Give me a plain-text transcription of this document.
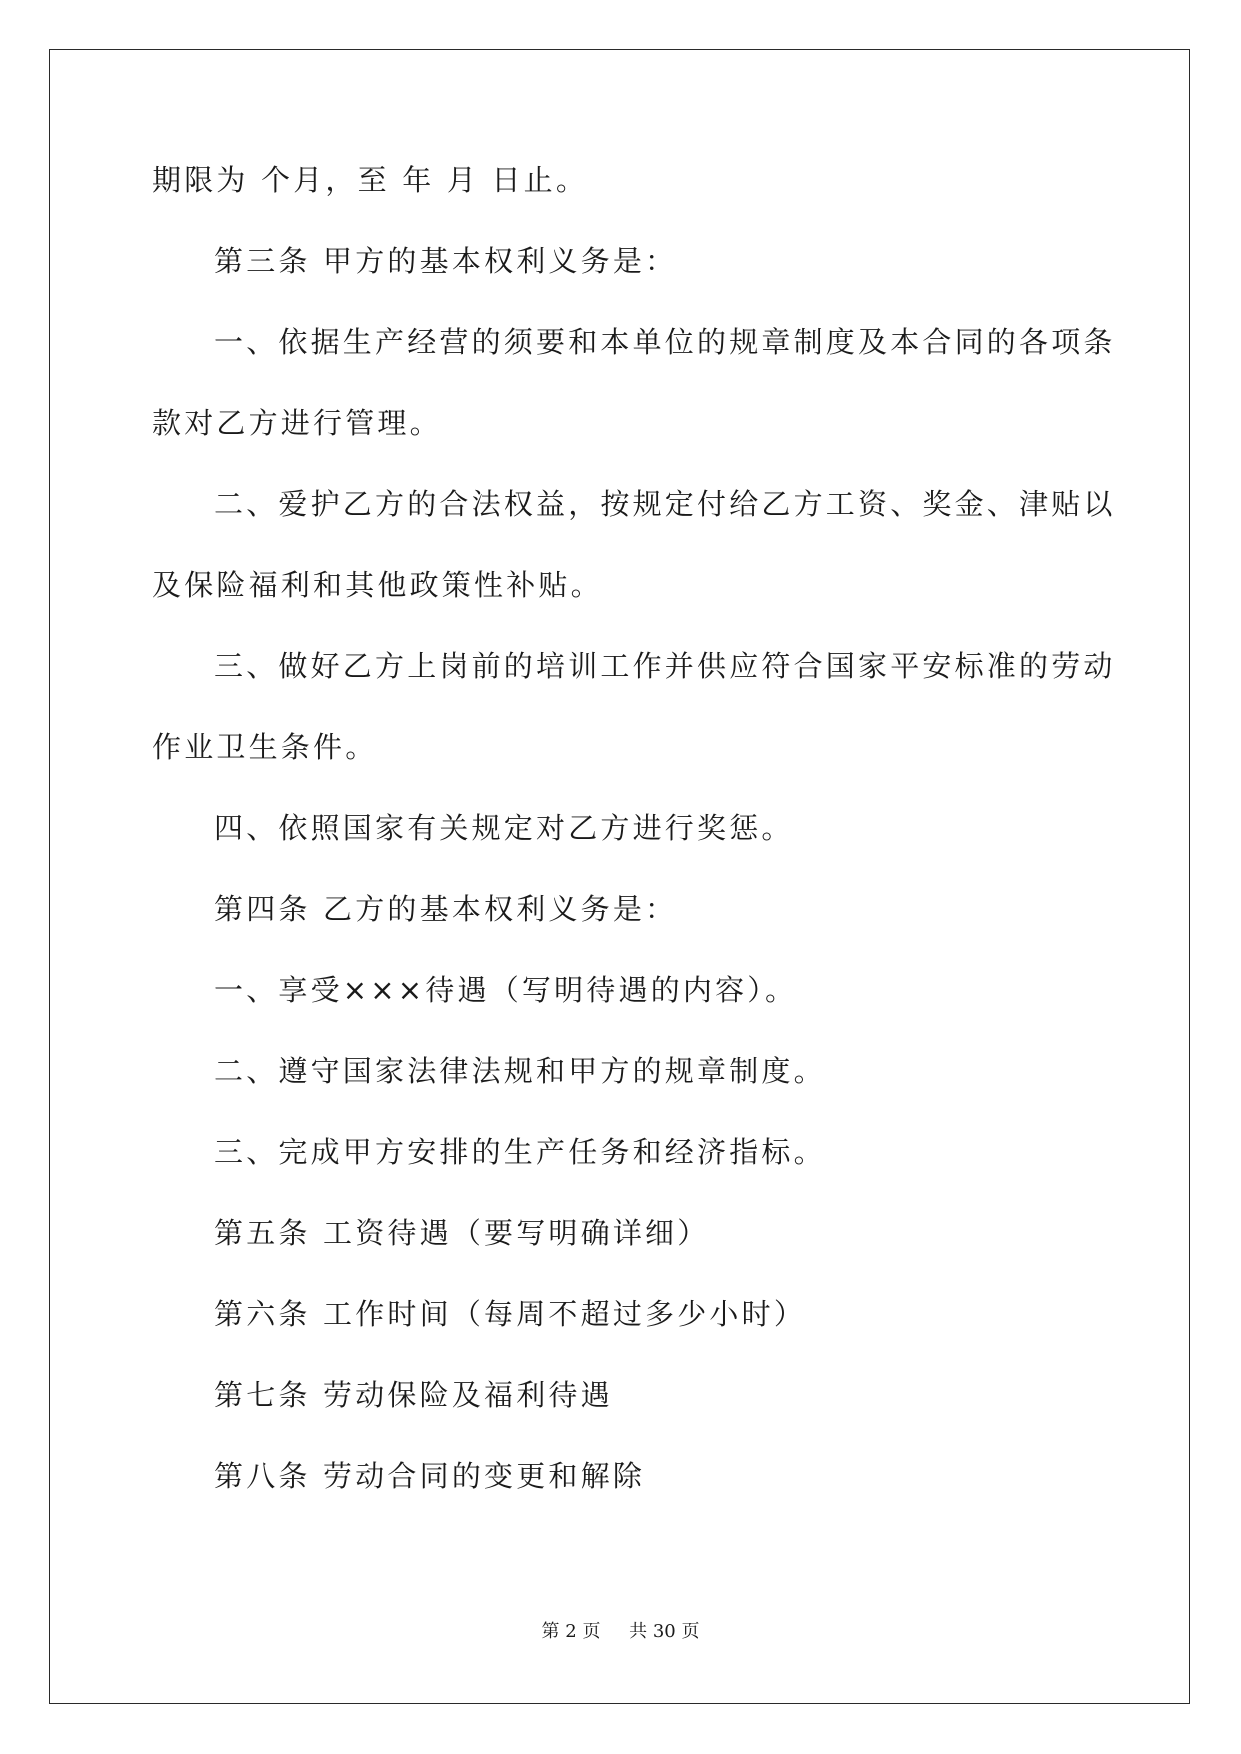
期限为 个月，至 年 月 日止。
第三条 甲方的基本权利义务是：
一、依据生产经营的须要和本单位的规章制度及本合同的各项条
款对乙方进行管理。
二、爱护乙方的合法权益，按规定付给乙方工资、奖金、津贴以
及保险福利和其他政策性补贴。
三、做好乙方上岗前的培训工作并供应符合国家平安标准的劳动
作业卫生条件。
四、依照国家有关规定对乙方进行奖惩。
第四条 乙方的基本权利义务是：
一、享受×××待遇（写明待遇的内容）。
二、遵守国家法律法规和甲方的规章制度。
三、完成甲方安排的生产任务和经济指标。
第五条 工资待遇（要写明确详细）
第六条 工作时间（每周不超过多少小时）
第七条 劳动保险及福利待遇
第八条 劳动合同的变更和解除
第 2 页 共 30 页
